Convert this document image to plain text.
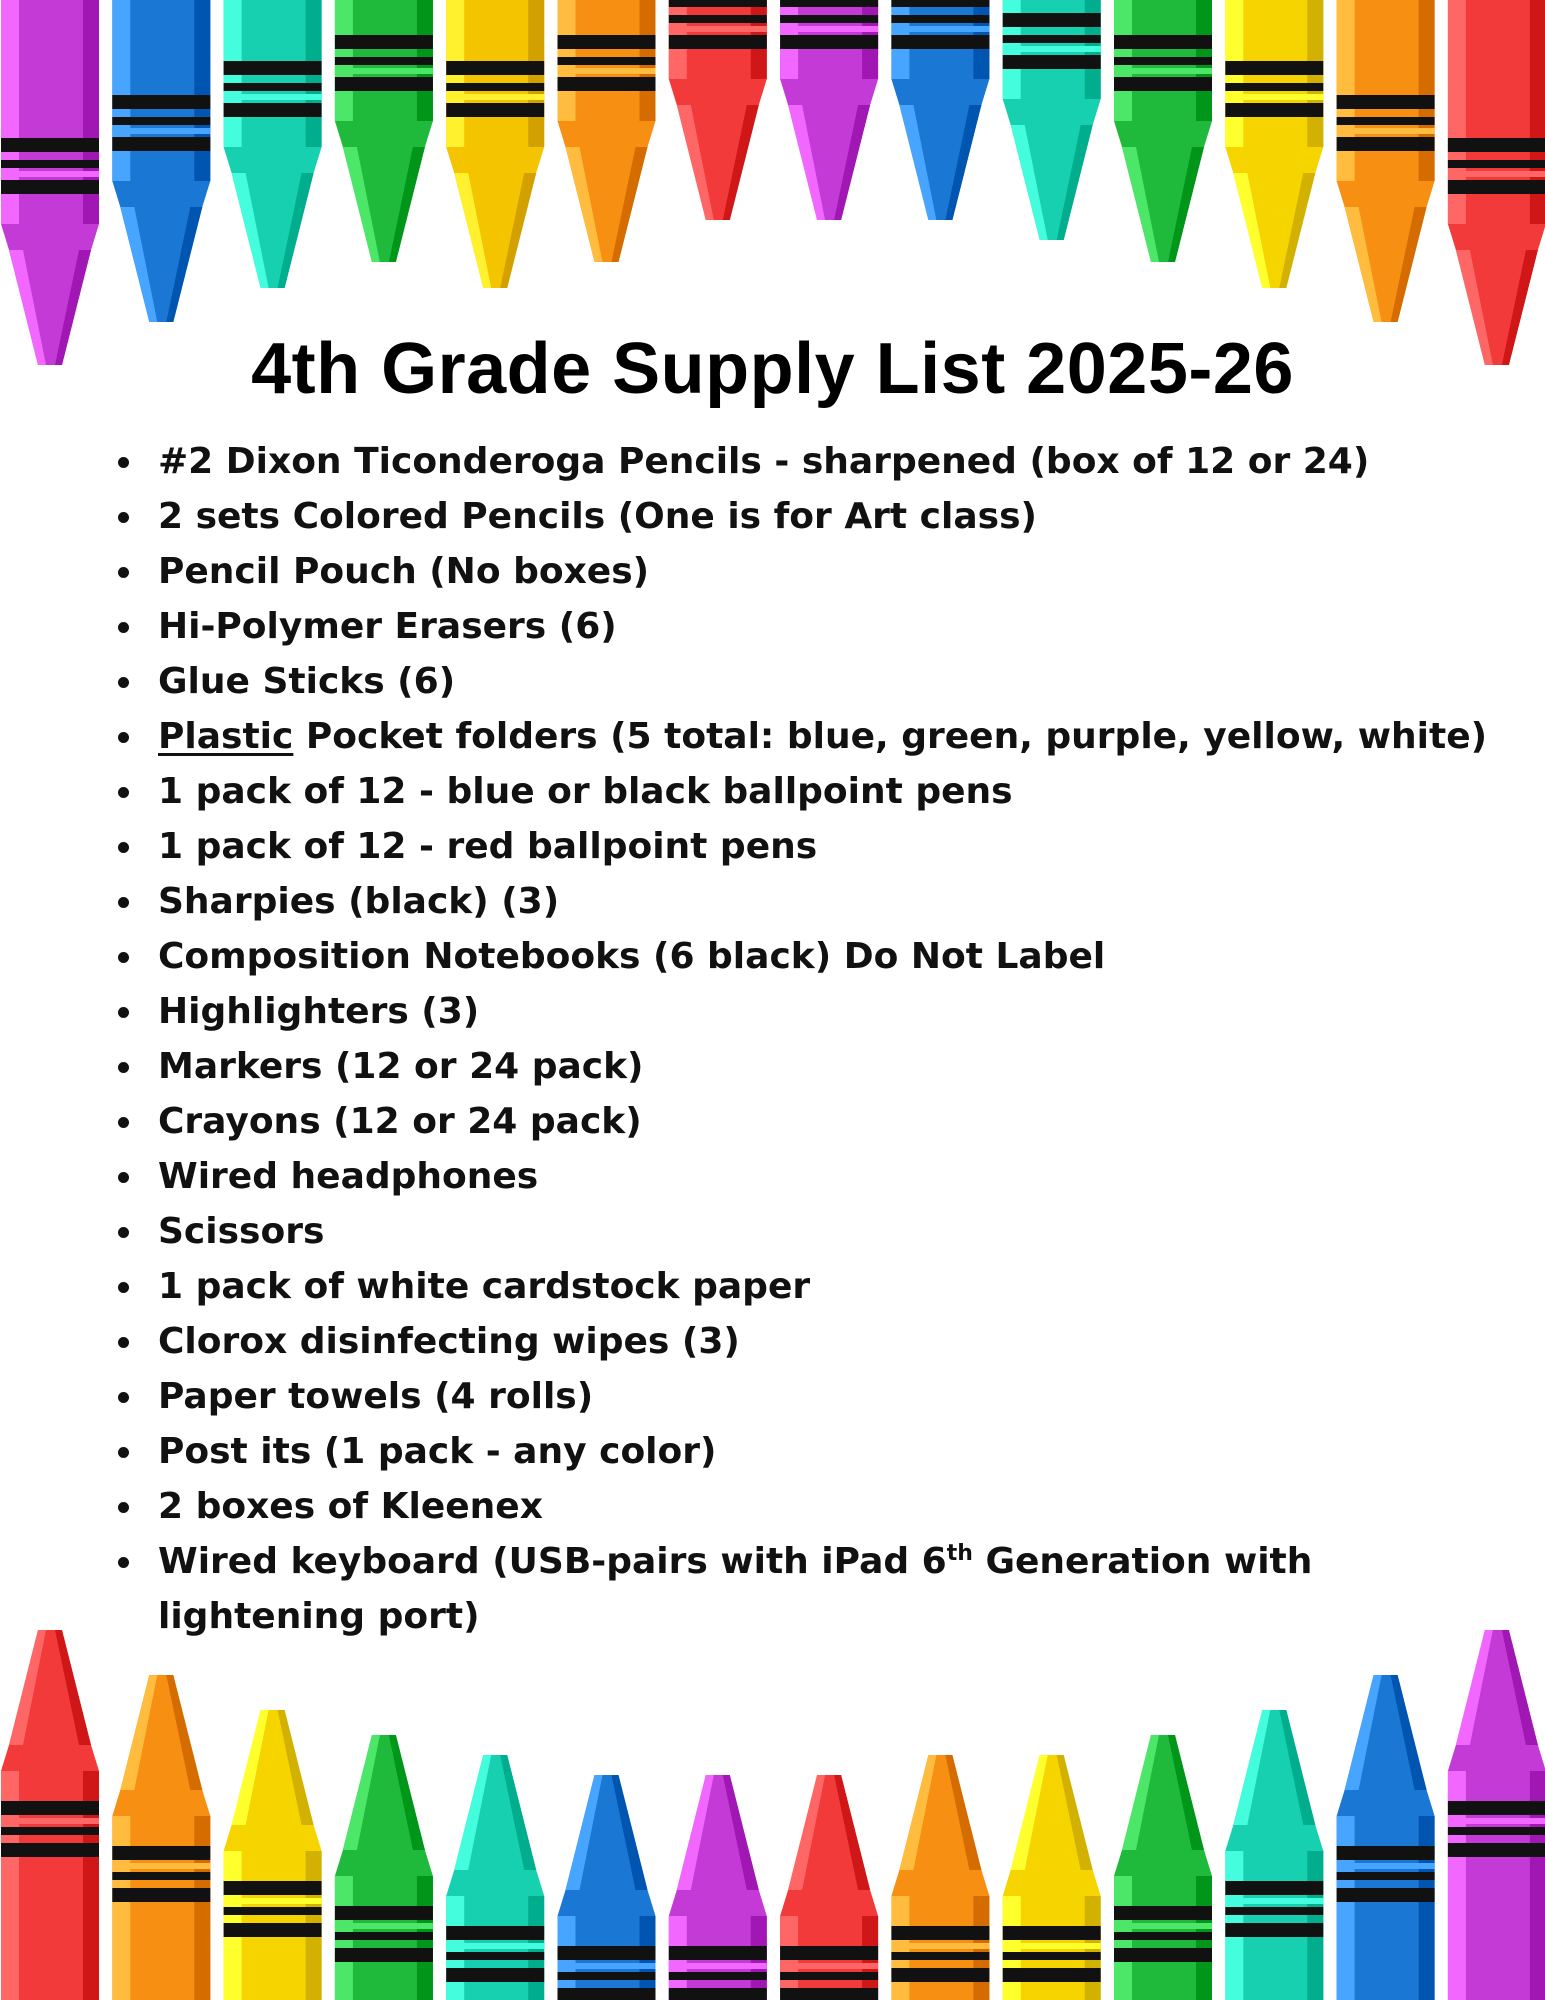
4th Grade Supply List 2025-26
#2 Dixon Ticonderoga Pencils - sharpened (box of 12 or 24)
2 sets Colored Pencils (One is for Art class)
Pencil Pouch (No boxes)
Hi-Polymer Erasers (6)
Glue Sticks (6)
Plastic Pocket folders (5 total: blue, green, purple, yellow, white)
1 pack of 12 - blue or black ballpoint pens
1 pack of 12 - red ballpoint pens
Sharpies (black) (3)
Composition Notebooks (6 black) Do Not Label
Highlighters (3)
Markers (12 or 24 pack)
Crayons (12 or 24 pack)
Wired headphones
Scissors
1 pack of white cardstock paper
Clorox disinfecting wipes (3)
Paper towels (4 rolls)
Post its (1 pack - any color)
2 boxes of Kleenex
Wired keyboard (USB-pairs with iPad 6th Generation with lightening port)
